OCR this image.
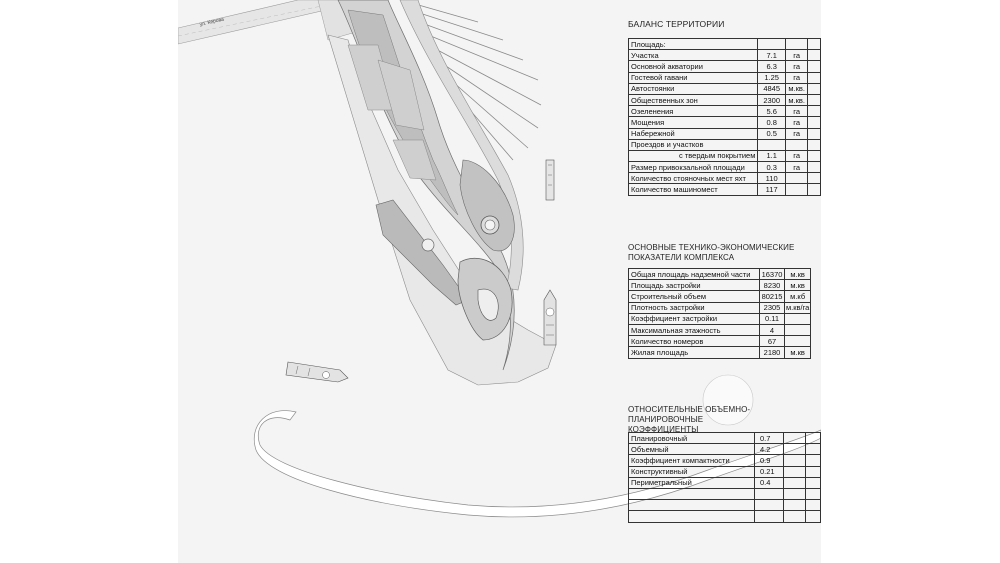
ул. Керова	БАЛАНС ТЕРРИТОРИИ
Площадь:			
Участка	7.1	га	
Основной акватории	6.3	га	
Гостевой гавани	1.25	га	
Автостоянки	4845	м.кв.	
Общественных зон	2300	м.кв.	
Озеленения	5.6	га	
Мощения	0.8	га	
Набережной	0.5	га	
Проездов и участков			
с твердым покрытием	1.1	га	
Размер привокзальной площади	0.3	га	
Количество стояночных мест яхт	110		
Количество машиномест	117		
ОСНОВНЫЕ ТЕХНИКО-ЭКОНОМИЧЕСКИЕ
ПОКАЗАТЕЛИ КОМПЛЕКСА
Общая площадь надземной части	16370	м.кв
Площадь застройки	8230	м.кв
Строительный объем	80215	м.кб
Плотность застройки	2305	м.кв/га
Коэффициент застройки	0.11	
Максимальная этажность	4	
Количество номеров	67	
Жилая площадь	2180	м.кв
ОТНОСИТЕЛЬНЫЕ ОБЪЕМНО-ПЛАНИРОВОЧНЫЕ
КОЭФФИЦИЕНТЫ
Планировочный	0.7		
Объемный	4.2		
Коэффициент компактности	0.9		
Конструктивный	0.21		
Периметральный	0.4		
